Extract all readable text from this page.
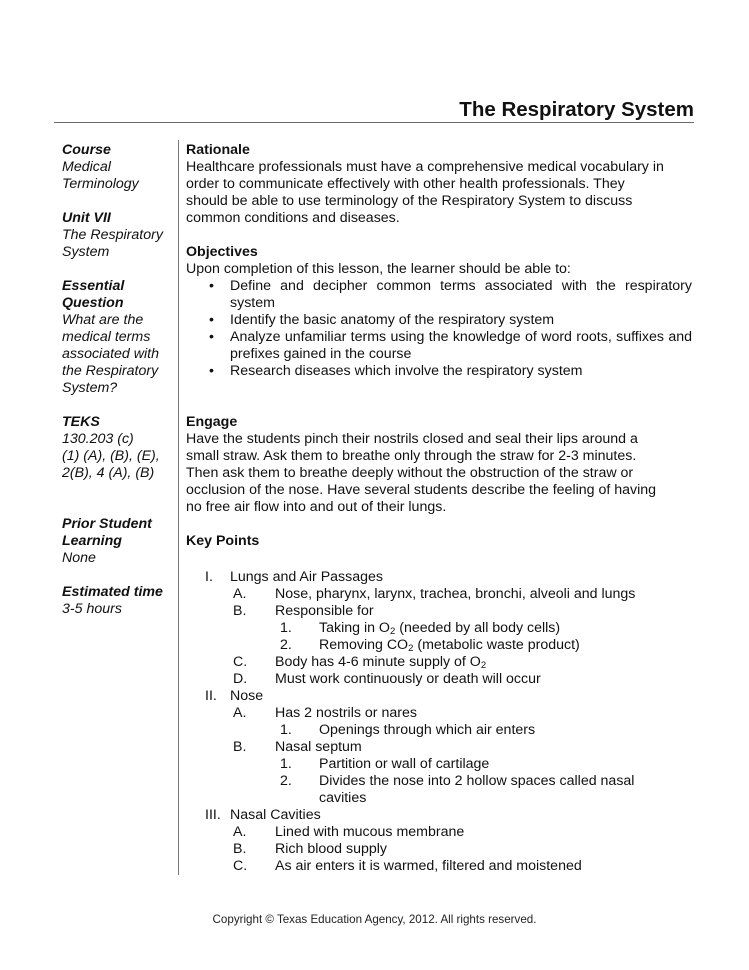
The Respiratory System
Course
Medical
Terminology
Unit VII
The Respiratory
System
Essential
Question
What are the
medical terms
associated with
the Respiratory
System?
TEKS
130.203 (c)
(1) (A), (B), (E),
2(B), 4 (A), (B)
Prior Student
Learning
None
Estimated time
3-5 hours
Rationale
Healthcare professionals must have a comprehensive medical vocabulary in
order to communicate effectively with other health professionals. They
should be able to use terminology of the Respiratory System to discuss
common conditions and diseases.
Objectives
Upon completion of this lesson, the learner should be able to:
• Define and decipher common terms associated with the respiratory system
• Identify the basic anatomy of the respiratory system
• Analyze unfamiliar terms using the knowledge of word roots, suffixes and prefixes gained in the course
• Research diseases which involve the respiratory system
Engage
Have the students pinch their nostrils closed and seal their lips around a
small straw. Ask them to breathe only through the straw for 2-3 minutes.
Then ask them to breathe deeply without the obstruction of the straw or
occlusion of the nose. Have several students describe the feeling of having
no free air flow into and out of their lungs.
Key Points
I. Lungs and Air Passages
A. Nose, pharynx, larynx, trachea, bronchi, alveoli and lungs
B. Responsible for
1. Taking in $O_2$ (needed by all body cells)
2. Removing $CO_2$ (metabolic waste product)
C. Body has 4-6 minute supply of $O_2$
D. Must work continuously or death will occur
II. Nose
A. Has 2 nostrils or nares
1. Openings through which air enters
B. Nasal septum
1. Partition or wall of cartilage
2. Divides the nose into 2 hollow spaces called nasal
cavities
III. Nasal Cavities
A. Lined with mucous membrane
B. Rich blood supply
C. As air enters it is warmed, filtered and moistened
Copyright © Texas Education Agency, 2012. All rights reserved.
